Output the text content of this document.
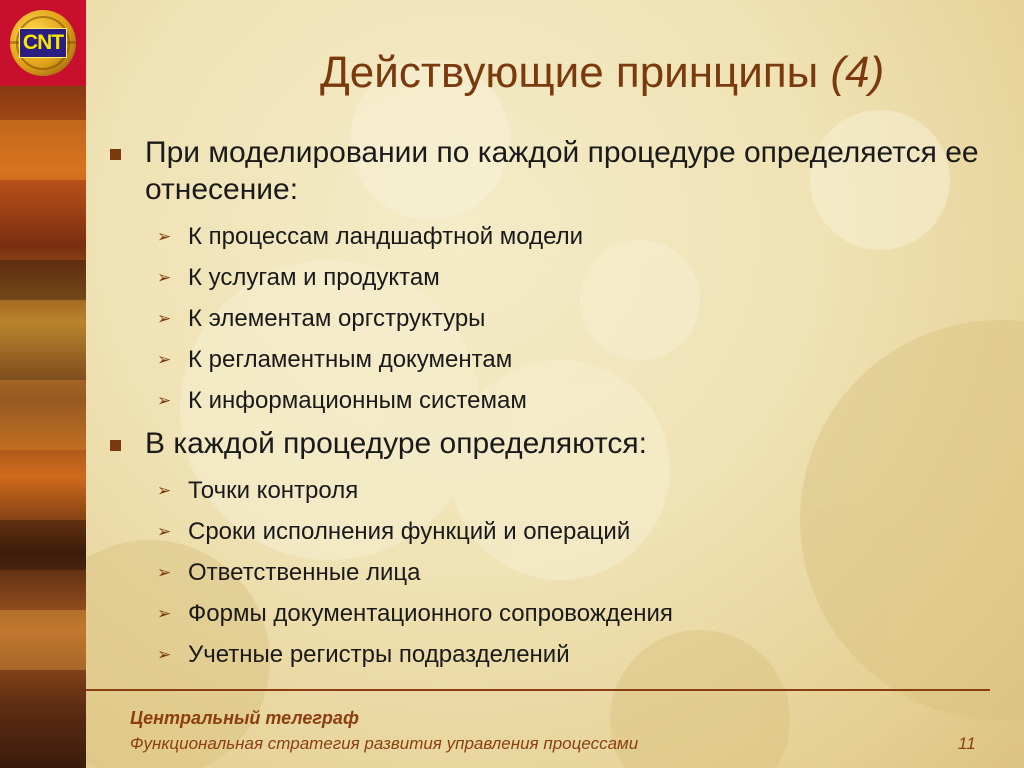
CNT
Действующие принципы (4)
При моделировании по каждой процедуре определяется ее отнесение:
➢ К процессам ландшафтной модели
➢ К услугам и продуктам
➢ К элементам оргструктуры
➢ К регламентным документам
➢ К информационным системам
В каждой процедуре определяются:
➢ Точки контроля
➢ Сроки исполнения функций и операций
➢ Ответственные лица
➢ Формы документационного сопровождения
➢ Учетные регистры подразделений
Центральный телеграф
Функциональная стратегия развития управления процессами	11
